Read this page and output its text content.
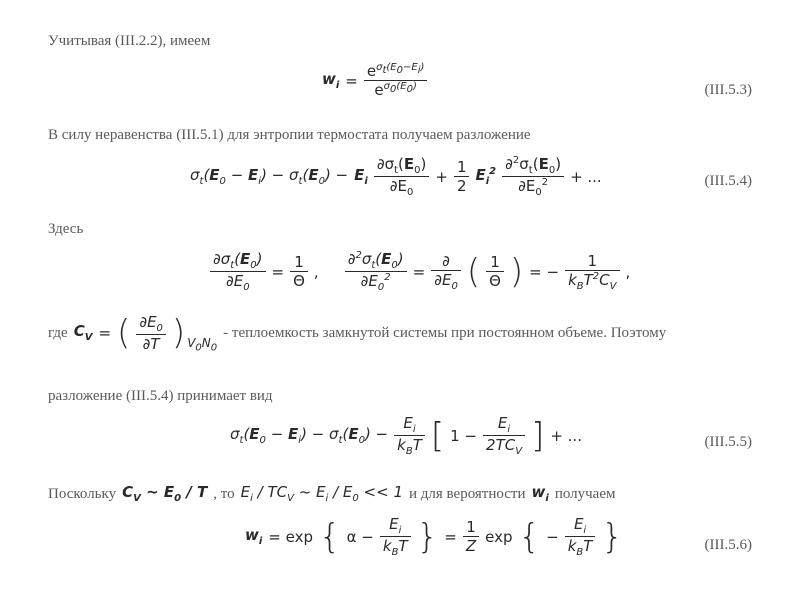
Учитывая (III.2.2), имеем
$w_i = \frac{e^{\sigma_t(E_0-E_i)}}{e^{\sigma_0(E_0)}}$	(III.5.3)
В силу неравенства (III.5.1) для энтропии термостата получаем разложение
$\sigma_t(E_0 - E_i) - \sigma_t(E_0) - E_i \frac{\partial\sigma_t(E_0)}{\partial E_0} + \frac{1}{2} E_i^2 \frac{\partial^2\sigma_t(E_0)}{\partial E_0^2}$ + ...	(III.5.4)
Здесь
$\frac{\partial\sigma_t(E_0)}{\partial E_0} = \frac{1}{\Theta}$ , $\frac{\partial^2\sigma_t(E_0)}{\partial E_0^2} = \frac{\partial}{\partial E_0}$ ( $\frac{1}{\Theta}$ ) = − $\frac{1}{k_BT^2C_V}$ ,
где $C_V$ = ( $\frac{\partial E_0}{\partial T}$ ) $V_0N_0$
- теплоемкость замкнутой системы при постоянном объеме. Поэтому
разложение (III.5.4) принимает вид
$\sigma_t(E_0 - E_i) - \sigma_t(E_0) - \frac{E_i}{k_BT}$ [ $1 - \frac{E_i}{2TC_V}$ ] + ...	(III.5.5)
Поскольку $C_V$ ~ $E_0$ / T , то $E_i / TC_V$ ~ $E_i / E_0 << 1$ и для вероятности $w_i$ получаем
$w_i = \exp$ { $\alpha - \frac{E_i}{k_BT}$ } = $\frac{1}{Z}$ exp { − $\frac{E_i}{k_BT}$ }	(III.5.6)
